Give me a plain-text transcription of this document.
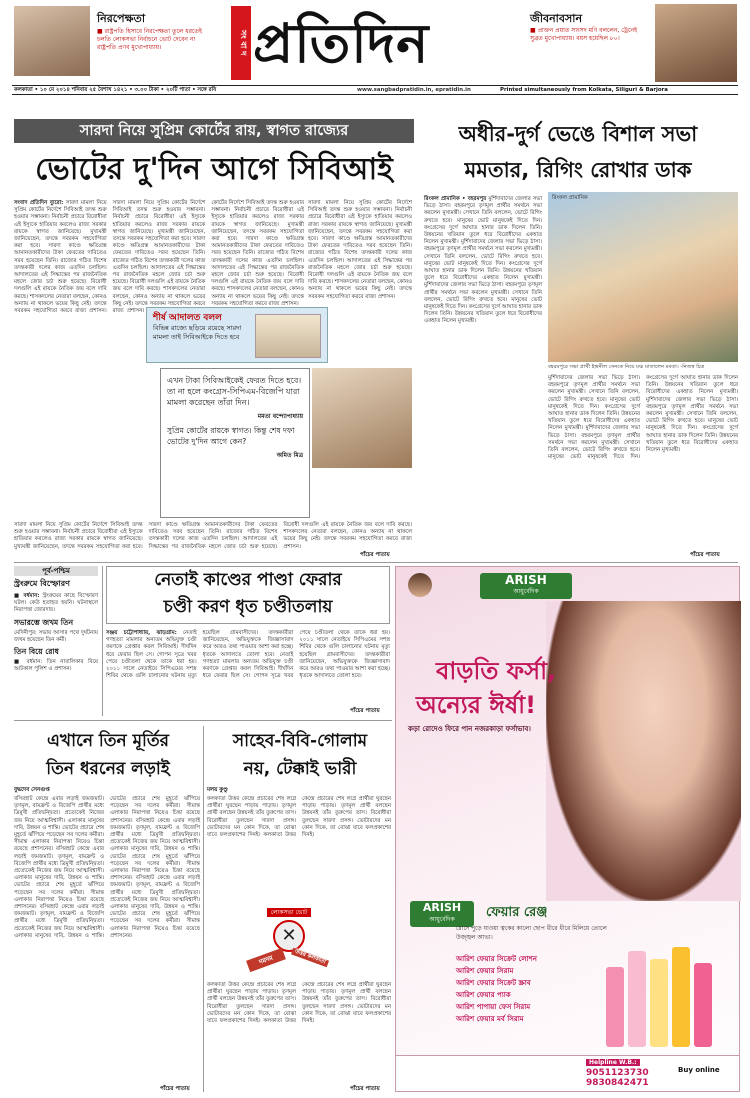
নিরপেক্ষতা
■ রাষ্ট্রপতি হিসাবে নিরপেক্ষতা তুলে ধরতেই চলতি লোকসভা নির্বাচনে ভোট দেবেন না রাষ্ট্রপতি প্রণব মুখোপাধ্যায়।	সং বা দ প্রতিদিন	জীবনাবসান
■ প্রাক্তন প্রয়াত সাংসদ মণি বললেন, ট্রেনেই সুব্রত মুখোপাধ্যায়। বয়স হয়েছিল ৮০।
কলকাতা • ১০ মে ২০১৪ শনিবার ২৫ বৈশাখ ১৪২১ • ৩.০০ টাকা • ২০টি পাতা • সঙ্গে রবি	www.sangbadpratidin.in, epratidin.in	Printed simultaneously from Kolkata, Siliguri & Barjora
সারদা নিয়ে সুপ্রিম কোর্টের রায়, স্বাগত রাজ্যের
ভোটের দু'দিন আগে সিবিআই
সংবাদ প্রতিদিন ব্যুরো: সারদা মামলা নিয়ে সুপ্রিম কোর্টের নির্দেশে সিবিআই তদন্ত শুরু হওয়ার সম্ভাবনা। নির্বাচনী প্রচারে বিরোধীরা এই ইস্যুকে হাতিয়ার করলেও রাজ্য সরকার রায়কে স্বাগত জানিয়েছে। মুখ্যমন্ত্রী জানিয়েছেন, তদন্তে সবরকম সহযোগিতা করা হবে। সারদা কাণ্ডে ক্ষতিগ্রস্ত আমানতকারীদের টাকা ফেরতের দাবিতেও সরব হয়েছেন তিনি। রাজ্যের গঠিত বিশেষ তদন্তকারী দলের কাজ এতদিন চলছিল। আদালতের এই সিদ্ধান্তের পর রাজনৈতিক মহলে জোর চর্চা শুরু হয়েছে। বিরোধী দলগুলি এই রায়কে নৈতিক জয় বলে দাবি করছে। শাসকদলের নেতারা বলছেন, কোনও অন্যায় না থাকলে ভয়ের কিছু নেই। তদন্তে সবরকম সহযোগিতা করবে রাজ্য প্রশাসন। সারদা মামলা নিয়ে সুপ্রিম কোর্টের নির্দেশে সিবিআই তদন্ত শুরু হওয়ার সম্ভাবনা। নির্বাচনী প্রচারে বিরোধীরা এই ইস্যুকে হাতিয়ার করলেও রাজ্য সরকার রায়কে স্বাগত জানিয়েছে। মুখ্যমন্ত্রী জানিয়েছেন, তদন্তে সবরকম সহযোগিতা করা হবে। সারদা কাণ্ডে ক্ষতিগ্রস্ত আমানতকারীদের টাকা ফেরতের দাবিতেও সরব হয়েছেন তিনি। রাজ্যের গঠিত বিশেষ তদন্তকারী দলের কাজ এতদিন চলছিল। আদালতের এই সিদ্ধান্তের পর রাজনৈতিক মহলে জোর চর্চা শুরু হয়েছে। বিরোধী দলগুলি এই রায়কে নৈতিক জয় বলে দাবি করছে। শাসকদলের নেতারা বলছেন, কোনও অন্যায় না থাকলে ভয়ের কিছু নেই। তদন্তে সবরকম সহযোগিতা করবে রাজ্য প্রশাসন। কোর্টের নির্দেশে সিবিআই তদন্ত শুরু হওয়ার সম্ভাবনা। নির্বাচনী প্রচারে বিরোধীরা এই ইস্যুকে হাতিয়ার করলেও রাজ্য সরকার রায়কে স্বাগত জানিয়েছে। মুখ্যমন্ত্রী জানিয়েছেন, তদন্তে সবরকম সহযোগিতা করা হবে। সারদা কাণ্ডে ক্ষতিগ্রস্ত আমানতকারীদের টাকা ফেরতের দাবিতেও সরব হয়েছেন তিনি। রাজ্যের গঠিত বিশেষ তদন্তকারী দলের কাজ এতদিন চলছিল। আদালতের এই সিদ্ধান্তের পর রাজনৈতিক মহলে জোর চর্চা শুরু হয়েছে। বিরোধী দলগুলি এই রায়কে নৈতিক জয় বলে দাবি করছে। শাসকদলের নেতারা বলছেন, কোনও অন্যায় না থাকলে ভয়ের কিছু নেই। তদন্তে সবরকম সহযোগিতা করবে রাজ্য প্রশাসন।
সারদা মামলা নিয়ে সুপ্রিম কোর্টের নির্দেশে সিবিআই তদন্ত শুরু হওয়ার সম্ভাবনা। নির্বাচনী প্রচারে বিরোধীরা এই ইস্যুকে হাতিয়ার করলেও রাজ্য সরকার রায়কে স্বাগত জানিয়েছে। মুখ্যমন্ত্রী জানিয়েছেন, তদন্তে সবরকম সহযোগিতা করা হবে। সারদা কাণ্ডে ক্ষতিগ্রস্ত আমানতকারীদের টাকা ফেরতের দাবিতেও সরব হয়েছেন তিনি। রাজ্যের গঠিত বিশেষ তদন্তকারী দলের কাজ এতদিন চলছিল। আদালতের এই সিদ্ধান্তের পর রাজনৈতিক মহলে জোর চর্চা শুরু হয়েছে। বিরোধী দলগুলি এই রায়কে নৈতিক জয় বলে দাবি করছে। শাসকদলের নেতারা বলছেন, কোনও অন্যায় না থাকলে ভয়ের কিছু নেই। তদন্তে সবরকম সহযোগিতা করবে রাজ্য প্রশাসন।
শীর্ষ আদালত বলল
বিভিন্ন রাজ্যে ছড়িয়ে রয়েছে সারদা মামলা তাই সিবিআইকে দিতে হবে
এখন টাকা সিবিআইকেই ফেরত দিতে হবে। তা না হলে কংগ্রেস-সিপিএম-বিজেপি যারা মামলা করেছেন তাঁরা দিন।
মমতা বন্দ্যোপাধ্যায়
সুপ্রিম কোর্টের রায়কে স্বাগত। কিন্তু শেষ দফা ভোটের দু'দিন আগে কেন?
অমিত মিত্র
সারদা মামলা নিয়ে সুপ্রিম কোর্টের নির্দেশে সিবিআই তদন্ত শুরু হওয়ার সম্ভাবনা। নির্বাচনী প্রচারে বিরোধীরা এই ইস্যুকে হাতিয়ার করলেও রাজ্য সরকার রায়কে স্বাগত জানিয়েছে। মুখ্যমন্ত্রী জানিয়েছেন, তদন্তে সবরকম সহযোগিতা করা হবে। সারদা কাণ্ডে ক্ষতিগ্রস্ত আমানতকারীদের টাকা ফেরতের দাবিতেও সরব হয়েছেন তিনি। রাজ্যের গঠিত বিশেষ তদন্তকারী দলের কাজ এতদিন চলছিল। আদালতের এই সিদ্ধান্তের পর রাজনৈতিক মহলে জোর চর্চা শুরু হয়েছে। বিরোধী দলগুলি এই রায়কে নৈতিক জয় বলে দাবি করছে। শাসকদলের নেতারা বলছেন, কোনও অন্যায় না থাকলে ভয়ের কিছু নেই। তদন্তে সবরকম সহযোগিতা করবে রাজ্য প্রশাসন।
পাঁচের পাতায়
অধীর-দুর্গ ভেঙে বিশাল সভা
মমতার, রিগিং রোখার ডাক
রিংকল প্রামানিক • বহরমপুর মুর্শিদাবাদের জেলার সভা ভিড়ে ঠাসা। বহরমপুরে তৃণমূল প্রার্থীর সমর্থনে সভা করলেন মুখ্যমন্ত্রী। সেখানে তিনি বললেন, ভোটে রিগিং রুখতে হবে। মানুষের ভোট মানুষকেই দিতে দিন। কংগ্রেসের দুর্গে আঘাত হানার ডাক দিলেন তিনি। উন্নয়নের খতিয়ান তুলে ধরে বিরোধীদের একহাত নিলেন মুখ্যমন্ত্রী। মুর্শিদাবাদের জেলার সভা ভিড়ে ঠাসা। বহরমপুরে তৃণমূল প্রার্থীর সমর্থনে সভা করলেন মুখ্যমন্ত্রী। সেখানে তিনি বললেন, ভোটে রিগিং রুখতে হবে। মানুষের ভোট মানুষকেই দিতে দিন। কংগ্রেসের দুর্গে আঘাত হানার ডাক দিলেন তিনি। উন্নয়নের খতিয়ান তুলে ধরে বিরোধীদের একহাত নিলেন মুখ্যমন্ত্রী। মুর্শিদাবাদের জেলার সভা ভিড়ে ঠাসা। বহরমপুরে তৃণমূল প্রার্থীর সমর্থনে সভা করলেন মুখ্যমন্ত্রী। সেখানে তিনি বললেন, ভোটে রিগিং রুখতে হবে। মানুষের ভোট মানুষকেই দিতে দিন। কংগ্রেসের দুর্গে আঘাত হানার ডাক দিলেন তিনি। উন্নয়নের খতিয়ান তুলে ধরে বিরোধীদের একহাত নিলেন মুখ্যমন্ত্রী।
রিংকল প্রামানিক
বহরমপুরে সভা প্রার্থী ইন্দ্রনীল সেনকে নিয়ে মঞ্চ মাতালেন মমতা। -নিজস্ব চিত্র
মুর্শিদাবাদের জেলার সভা ভিড়ে ঠাসা। বহরমপুরে তৃণমূল প্রার্থীর সমর্থনে সভা করলেন মুখ্যমন্ত্রী। সেখানে তিনি বললেন, ভোটে রিগিং রুখতে হবে। মানুষের ভোট মানুষকেই দিতে দিন। কংগ্রেসের দুর্গে আঘাত হানার ডাক দিলেন তিনি। উন্নয়নের খতিয়ান তুলে ধরে বিরোধীদের একহাত নিলেন মুখ্যমন্ত্রী। মুর্শিদাবাদের জেলার সভা ভিড়ে ঠাসা। বহরমপুরে তৃণমূল প্রার্থীর সমর্থনে সভা করলেন মুখ্যমন্ত্রী। সেখানে তিনি বললেন, ভোটে রিগিং রুখতে হবে। মানুষের ভোট মানুষকেই দিতে দিন। কংগ্রেসের দুর্গে আঘাত হানার ডাক দিলেন তিনি। উন্নয়নের খতিয়ান তুলে ধরে বিরোধীদের একহাত নিলেন মুখ্যমন্ত্রী। মুর্শিদাবাদের জেলার সভা ভিড়ে ঠাসা। বহরমপুরে তৃণমূল প্রার্থীর সমর্থনে সভা করলেন মুখ্যমন্ত্রী। সেখানে তিনি বললেন, ভোটে রিগিং রুখতে হবে। মানুষের ভোট মানুষকেই দিতে দিন। কংগ্রেসের দুর্গে আঘাত হানার ডাক দিলেন তিনি। উন্নয়নের খতিয়ান তুলে ধরে বিরোধীদের একহাত নিলেন মুখ্যমন্ত্রী।
পাঁচের পাতায়
পূর্ব-পশ্চিম
স্ট্রংরুমে বিস্ফোরণ
■ বর্ধমান: স্ট্রংরুমের কাছে বিস্ফোরণ ঘটল। কেউ হতাহত হয়নি। ঘটনাস্থলে নিরাপত্তা জোরদার।
সভারম্ভে জখম তিন
মেদিনীপুর: সভায় আসার পথে দুর্ঘটনায় জখম হয়েছেন তিন কর্মী।
তিন বিয়ে রোধ
■ বর্ধমান: তিন নাবালিকার বিয়ে আটকাল পুলিশ ও প্রশাসন।
নেতাই কাণ্ডের পাণ্ডা ফেরার
চণ্ডী করণ ধৃত চণ্ডীতলায়
সঞ্জয় চট্টোপাধ্যায়, ঝাড়গ্রাম: নেতাই গণহত্যা মামলার অন্যতম অভিযুক্ত চণ্ডী করণকে গ্রেপ্তার করল সিবিআই। দীর্ঘদিন ধরে ফেরার ছিল সে। গোপন সূত্রে খবর পেয়ে চণ্ডীতলা থেকে তাকে ধরা হয়। ২০১১ সালে নেতাইয়ে সিপিএমের সশস্ত্র শিবির থেকে গুলি চালানোর ঘটনায় মৃত্যু হয়েছিল গ্রামবাসীদের। তদন্তকারীরা জানিয়েছেন, অভিযুক্তকে জিজ্ঞাসাবাদ করে আরও তথ্য পাওয়ার আশা করা হচ্ছে। ধৃতকে আদালতে তোলা হবে। নেতাই গণহত্যা মামলার অন্যতম অভিযুক্ত চণ্ডী করণকে গ্রেপ্তার করল সিবিআই। দীর্ঘদিন ধরে ফেরার ছিল সে। গোপন সূত্রে খবর পেয়ে চণ্ডীতলা থেকে তাকে ধরা হয়। ২০১১ সালে নেতাইয়ে সিপিএমের সশস্ত্র শিবির থেকে গুলি চালানোর ঘটনায় মৃত্যু হয়েছিল গ্রামবাসীদের। তদন্তকারীরা জানিয়েছেন, অভিযুক্তকে জিজ্ঞাসাবাদ করে আরও তথ্য পাওয়ার আশা করা হচ্ছে। ধৃতকে আদালতে তোলা হবে।
পাঁচের পাতায়
এখানে তিন মূর্তির
তিন ধরনের লড়াই
বুদ্ধদেব সেনগুপ্ত
বসিরহাট কেন্দ্রে এবার লড়াই জমজমাট। তৃণমূল, বামফ্রন্ট ও বিজেপি প্রার্থীর মধ্যে ত্রিমুখী প্রতিদ্বন্দ্বিতা। প্রত্যেকেই নিজের জয় নিয়ে আত্মবিশ্বাসী। এলাকার মানুষের দাবি, উন্নয়ন ও শান্তি। ভোটের প্রচারে শেষ মুহূর্তে ঝাঁপিয়ে পড়েছেন সব দলের কর্মীরা। সীমান্ত এলাকার নিরাপত্তা নিয়েও চিন্তা রয়েছে প্রশাসনের। বসিরহাট কেন্দ্রে এবার লড়াই জমজমাট। তৃণমূল, বামফ্রন্ট ও বিজেপি প্রার্থীর মধ্যে ত্রিমুখী প্রতিদ্বন্দ্বিতা। প্রত্যেকেই নিজের জয় নিয়ে আত্মবিশ্বাসী। এলাকার মানুষের দাবি, উন্নয়ন ও শান্তি। ভোটের প্রচারে শেষ মুহূর্তে ঝাঁপিয়ে পড়েছেন সব দলের কর্মীরা। সীমান্ত এলাকার নিরাপত্তা নিয়েও চিন্তা রয়েছে প্রশাসনের। বসিরহাট কেন্দ্রে এবার লড়াই জমজমাট। তৃণমূল, বামফ্রন্ট ও বিজেপি প্রার্থীর মধ্যে ত্রিমুখী প্রতিদ্বন্দ্বিতা। প্রত্যেকেই নিজের জয় নিয়ে আত্মবিশ্বাসী। এলাকার মানুষের দাবি, উন্নয়ন ও শান্তি। ভোটের প্রচারে শেষ মুহূর্তে ঝাঁপিয়ে পড়েছেন সব দলের কর্মীরা। সীমান্ত এলাকার নিরাপত্তা নিয়েও চিন্তা রয়েছে প্রশাসনের। বসিরহাট কেন্দ্রে এবার লড়াই জমজমাট। তৃণমূল, বামফ্রন্ট ও বিজেপি প্রার্থীর মধ্যে ত্রিমুখী প্রতিদ্বন্দ্বিতা। প্রত্যেকেই নিজের জয় নিয়ে আত্মবিশ্বাসী। এলাকার মানুষের দাবি, উন্নয়ন ও শান্তি। ভোটের প্রচারে শেষ মুহূর্তে ঝাঁপিয়ে পড়েছেন সব দলের কর্মীরা। সীমান্ত এলাকার নিরাপত্তা নিয়েও চিন্তা রয়েছে প্রশাসনের। বসিরহাট কেন্দ্রে এবার লড়াই জমজমাট। তৃণমূল, বামফ্রন্ট ও বিজেপি প্রার্থীর মধ্যে ত্রিমুখী প্রতিদ্বন্দ্বিতা। প্রত্যেকেই নিজের জয় নিয়ে আত্মবিশ্বাসী। এলাকার মানুষের দাবি, উন্নয়ন ও শান্তি। ভোটের প্রচারে শেষ মুহূর্তে ঝাঁপিয়ে পড়েছেন সব দলের কর্মীরা। সীমান্ত এলাকার নিরাপত্তা নিয়েও চিন্তা রয়েছে প্রশাসনের।
পাঁচের পাতায়
সাহেব-বিবি-গোলাম
নয়, টেক্কাই ভারী
মলয় কুণ্ডু
কলকাতা উত্তর কেন্দ্রে প্রচারের শেষ লগ্নে প্রার্থীরা ঘুরছেন পাড়ায় পাড়ায়। তৃণমূল প্রার্থী বলছেন উন্নয়নই তাঁর তুরুপের তাস। বিরোধীরা তুলছেন সারদা প্রসঙ্গ। ভোটারদের মন কোন দিকে, তা বোঝা যাবে ফলপ্রকাশের দিনই। কলকাতা উত্তর কেন্দ্রে প্রচারের শেষ লগ্নে প্রার্থীরা ঘুরছেন পাড়ায় পাড়ায়। তৃণমূল প্রার্থী বলছেন উন্নয়নই তাঁর তুরুপের তাস। বিরোধীরা তুলছেন সারদা প্রসঙ্গ। ভোটারদের মন কোন দিকে, তা বোঝা যাবে ফলপ্রকাশের দিনই।
লোকসভা ভোট
✕
দমদম	উত্তর কলকাতা
কলকাতা উত্তর কেন্দ্রে প্রচারের শেষ লগ্নে প্রার্থীরা ঘুরছেন পাড়ায় পাড়ায়। তৃণমূল প্রার্থী বলছেন উন্নয়নই তাঁর তুরুপের তাস। বিরোধীরা তুলছেন সারদা প্রসঙ্গ। ভোটারদের মন কোন দিকে, তা বোঝা যাবে ফলপ্রকাশের দিনই। কলকাতা উত্তর কেন্দ্রে প্রচারের শেষ লগ্নে প্রার্থীরা ঘুরছেন পাড়ায় পাড়ায়। তৃণমূল প্রার্থী বলছেন উন্নয়নই তাঁর তুরুপের তাস। বিরোধীরা তুলছেন সারদা প্রসঙ্গ। ভোটারদের মন কোন দিকে, তা বোঝা যাবে ফলপ্রকাশের দিনই।
পাঁচের পাতায়
ARISH
আয়ুর্বেদিক
বাড়তি ফর্সা,
অন্যের ঈর্ষা!
কড়া রোদেও ফিরে পান নজরকাড়া ফর্সাভাব।
ARISH
আয়ুর্বেদিক	ফেয়ার রেঞ্জ
রোদে পুড়ে যাওয়া ত্বকের কালো ছোপ ধীরে ধীরে মিলিয়ে তোলে উজ্জ্বল আভা।
আরিশ ফেয়ার সিক্রেট লোশন
আরিশ ফেয়ার সিরাম
আরিশ ফেয়ার সিক্রেট স্ক্রাব
আরিশ ফেয়ার প্যাক
আরিশ পাপায়া ফেস সিরাম
আরিশ ফেয়ার মর্ব সিরাম
Helpline W.B.:
9051123730
9830842471
Buy online
